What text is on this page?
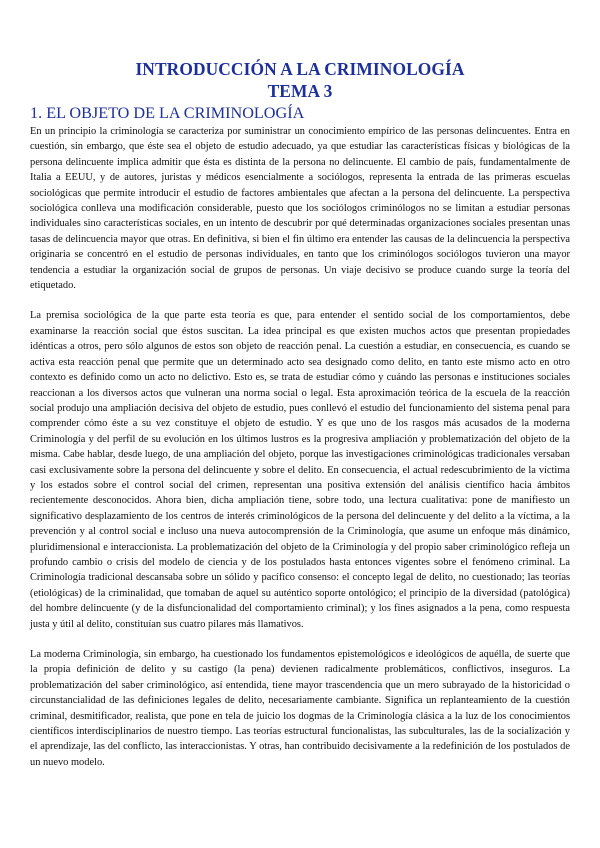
INTRODUCCIÓN A LA CRIMINOLOGÍA
TEMA 3
1. EL OBJETO DE LA CRIMINOLOGÍA

En un principio la criminología se caracteriza por suministrar un conocimiento empírico de las personas delincuentes. Entra en cuestión, sin embargo, que éste sea el objeto de estudio adecuado, ya que estudiar las características físicas y biológicas de la persona delincuente implica admitir que ésta es distinta de la persona no delincuente. El cambio de país, fundamentalmente de Italia a EEUU, y de autores, juristas y médicos esencialmente a sociólogos, representa la entrada de las primeras escuelas sociológicas que permite introducir el estudio de factores ambientales que afectan a la persona del delincuente. La perspectiva sociológica conlleva una modificación considerable, puesto que los sociólogos criminólogos no se limitan a estudiar personas individuales sino características sociales, en un intento de descubrir por qué determinadas organizaciones sociales presentan unas tasas de delincuencia mayor que otras. En definitiva, si bien el fin último era entender las causas de la delincuencia la perspectiva originaria se concentró en el estudio de personas individuales, en tanto que los criminólogos sociólogos tuvieron una mayor tendencia a estudiar la organización social de grupos de personas. Un viaje decisivo se produce cuando surge la teoría del etiquetado.

La premisa sociológica de la que parte esta teoría es que, para entender el sentido social de los comportamientos, debe examinarse la reacción social que éstos suscitan. La idea principal es que existen muchos actos que presentan propiedades idénticas a otros, pero sólo algunos de estos son objeto de reacción penal. La cuestión a estudiar, en consecuencia, es cuando se activa esta reacción penal que permite que un determinado acto sea designado como delito, en tanto este mismo acto en otro contexto es definido como un acto no delictivo. Esto es, se trata de estudiar cómo y cuándo las personas e instituciones sociales reaccionan a los diversos actos que vulneran una norma social o legal. Esta aproximación teórica de la escuela de la reacción social produjo una ampliación decisiva del objeto de estudio, pues conllevó el estudio del funcionamiento del sistema penal para comprender cómo éste a su vez constituye el objeto de estudio. Y es que uno de los rasgos más acusados de la moderna Criminología y del perfil de su evolución en los últimos lustros es la progresiva ampliación y problematización del objeto de la misma. Cabe hablar, desde luego, de una ampliación del objeto, porque las investigaciones criminológicas tradicionales versaban casi exclusivamente sobre la persona del delincuente y sobre el delito. En consecuencia, el actual redescubrimiento de la víctima y los estados sobre el control social del crimen, representan una positiva extensión del análisis científico hacia ámbitos recientemente desconocidos. Ahora bien, dicha ampliación tiene, sobre todo, una lectura cualitativa: pone de manifiesto un significativo desplazamiento de los centros de interés criminológicos de la persona del delincuente y del delito a la víctima, a la prevención y al control social e incluso una nueva autocomprensión de la Criminología, que asume un enfoque más dinámico, pluridimensional e interaccionista. La problematización del objeto de la Criminología y del propio saber criminológico refleja un profundo cambio o crisis del modelo de ciencia y de los postulados hasta entonces vigentes sobre el fenómeno criminal. La Criminología tradicional descansaba sobre un sólido y pacífico consenso: el concepto legal de delito, no cuestionado; las teorías (etiológicas) de la criminalidad, que tomaban de aquel su auténtico soporte ontológico; el principio de la diversidad (patológica) del hombre delincuente (y de la disfuncionalidad del comportamiento criminal); y los fines asignados a la pena, como respuesta justa y útil al delito, constituían sus cuatro pilares más llamativos.

La moderna Criminología, sin embargo, ha cuestionado los fundamentos epistemológicos e ideológicos de aquélla, de suerte que la propia definición de delito y su castigo (la pena) devienen radicalmente problemáticos, conflictivos, inseguros. La problematización del saber criminológico, así entendida, tiene mayor trascendencia que un mero subrayado de la historicidad o circunstancialidad de las definiciones legales de delito, necesariamente cambiante. Significa un replanteamiento de la cuestión criminal, desmitificador, realista, que pone en tela de juicio los dogmas de la Criminología clásica a la luz de los conocimientos científicos interdisciplinarios de nuestro tiempo. Las teorías estructural funcionalistas, las subculturales, las de la socialización y el aprendizaje, las del conflicto, las interaccionistas. Y otras, han contribuido decisivamente a la redefinición de los postulados de un nuevo modelo.
